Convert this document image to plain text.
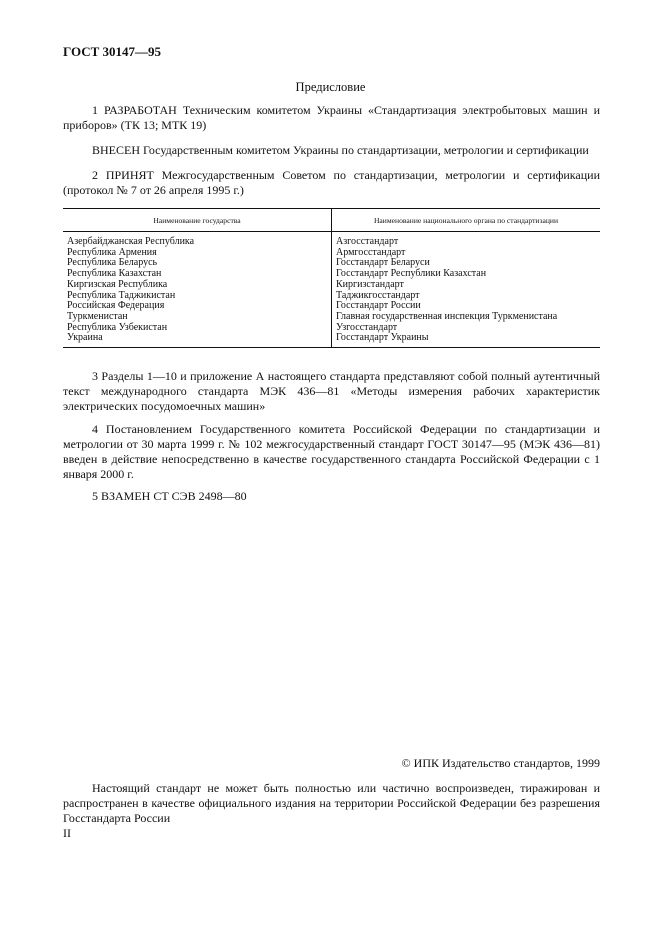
ГОСТ 30147—95
Предисловие
1 РАЗРАБОТАН Техническим комитетом Украины «Стандартизация электробытовых машин и приборов» (ТК 13; МТК 19)
ВНЕСЕН Государственным комитетом Украины по стандартизации, метрологии и сертификации
2 ПРИНЯТ Межгосударственным Советом по стандартизации, метрологии и сертификации (протокол № 7 от 26 апреля 1995 г.)
Наименование государства	Наименование национального органа по стандартизации
Азербайджанская Республика	Азгосстандарт
Республика Армения	Армгосстандарт
Республика Беларусь	Госстандарт Беларуси
Республика Казахстан	Госстандарт Республики Казахстан
Киргизская Республика	Киргизстандарт
Республика Таджикистан	Таджикгосстандарт
Российская Федерация	Госстандарт России
Туркменистан	Главная государственная инспекция Туркменистана
Республика Узбекистан	Узгосстандарт
Украина	Госстандарт Украины
3 Разделы 1—10 и приложение А настоящего стандарта представляют собой полный аутентичный текст международного стандарта МЭК 436—81 «Методы измерения рабочих характеристик электрических посудомоечных машин»
4 Постановлением Государственного комитета Российской Федерации по стандартизации и метрологии от 30 марта 1999 г. № 102 межгосударственный стандарт ГОСТ 30147—95 (МЭК 436—81) введен в действие непосредственно в качестве государственного стандарта Российской Федерации с 1 января 2000 г.
5 ВЗАМЕН СТ СЭВ 2498—80
© ИПК Издательство стандартов, 1999
Настоящий стандарт не может быть полностью или частично воспроизведен, тиражирован и распространен в качестве официального издания на территории Российской Федерации без разрешения Госстандарта России
II
